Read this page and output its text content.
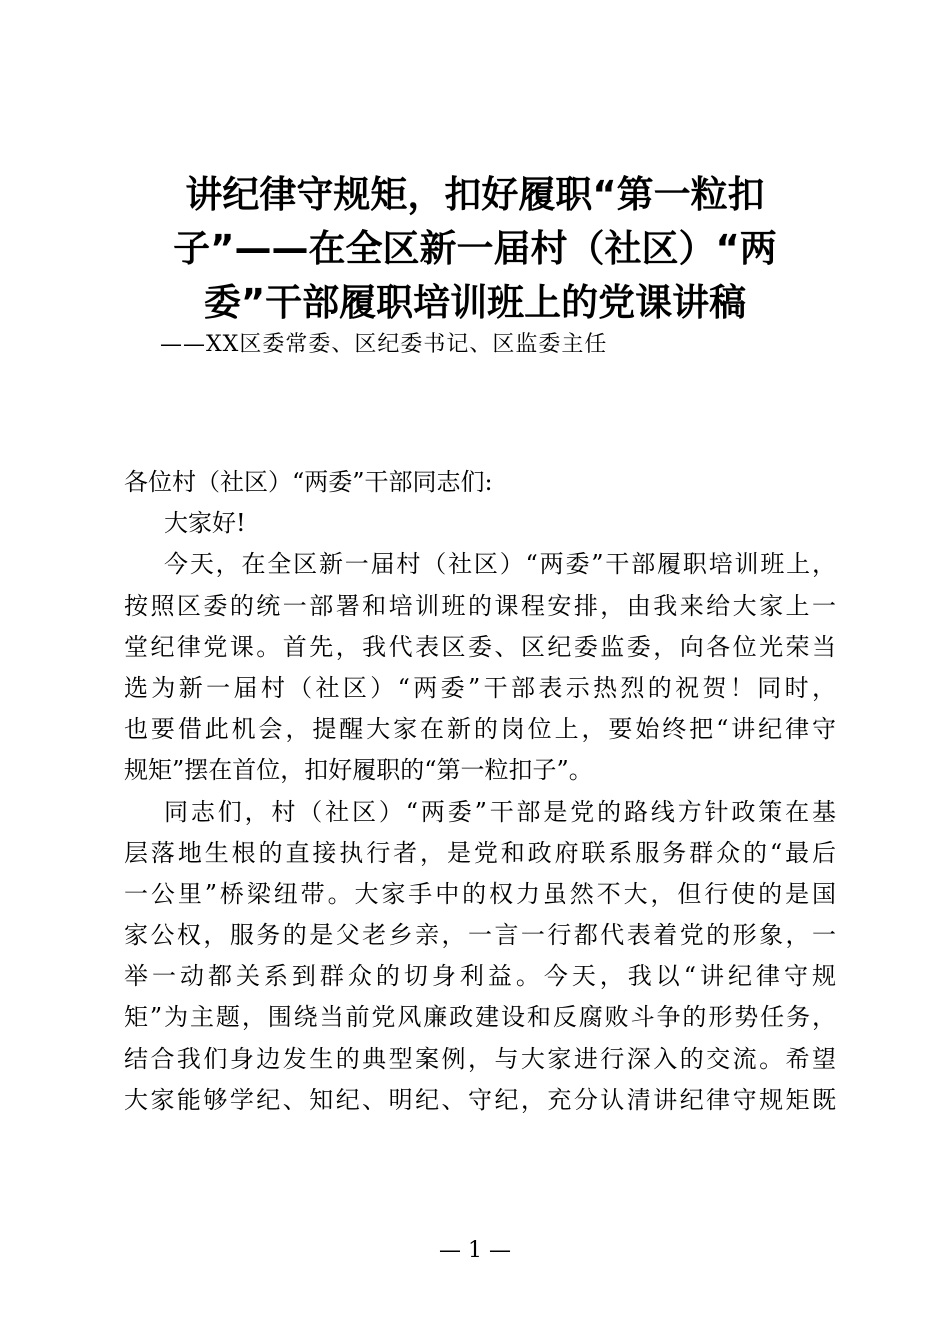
讲纪律守规矩，扣好履职“第一粒扣
子”——在全区新一届村（社区）“两
委”干部履职培训班上的党课讲稿
——XX区委常委、区纪委书记、区监委主任
各位村（社区）“两委”干部同志们:
大家好!
今天，在全区新一届村（社区）“两委”干部履职培训班上，
按照区委的统一部署和培训班的课程安排，由我来给大家上一
堂纪律党课。首先，我代表区委、区纪委监委，向各位光荣当
选为新一届村（社区）“两委”干部表示热烈的祝贺！同时，
也要借此机会，提醒大家在新的岗位上，要始终把“讲纪律守
规矩”摆在首位，扣好履职的“第一粒扣子”。
同志们，村（社区）“两委”干部是党的路线方针政策在基
层落地生根的直接执行者，是党和政府联系服务群众的“最后
一公里”桥梁纽带。大家手中的权力虽然不大，但行使的是国
家公权，服务的是父老乡亲，一言一行都代表着党的形象，一
举一动都关系到群众的切身利益。今天，我以“讲纪律守规
矩”为主题，围绕当前党风廉政建设和反腐败斗争的形势任务，
结合我们身边发生的典型案例，与大家进行深入的交流。希望
大家能够学纪、知纪、明纪、守纪，充分认清讲纪律守规矩既
— 1 —
